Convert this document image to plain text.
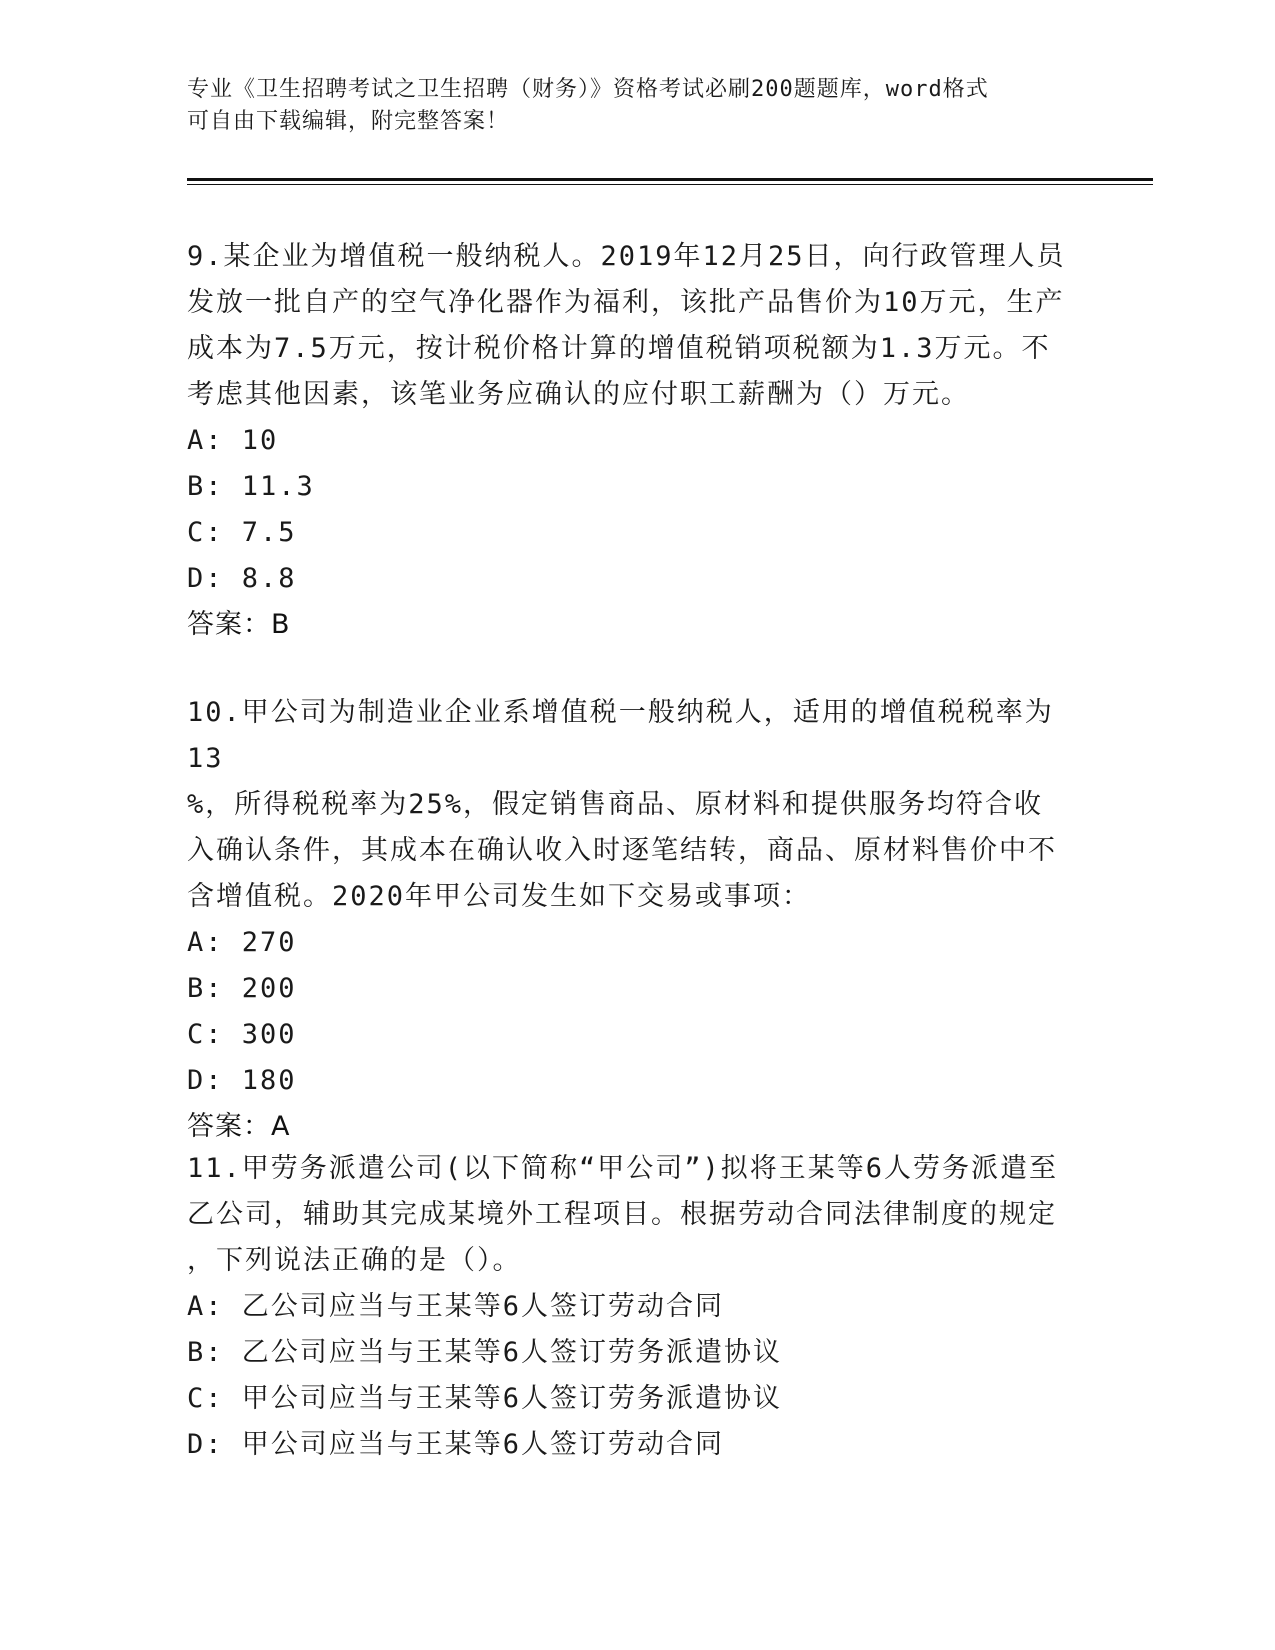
专业《卫生招聘考试之卫生招聘（财务）》资格考试必刷200题题库，word格式
可自由下载编辑，附完整答案！

9.某企业为增值税一般纳税人。2019年12月25日，向行政管理人员

发放一批自产的空气净化器作为福利，该批产品售价为10万元，生产

成本为7.5万元，按计税价格计算的增值税销项税额为1.3万元。不

考虑其他因素，该笔业务应确认的应付职工薪酬为（）万元。

A: 10

B: 11.3

C: 7.5

D: 8.8

答案：B

10.甲公司为制造业企业系增值税一般纳税人，适用的增值税税率为13

%，所得税税率为25%，假定销售商品、原材料和提供服务均符合收

入确认条件，其成本在确认收入时逐笔结转，商品、原材料售价中不

含增值税。2020年甲公司发生如下交易或事项：

A: 270

B: 200

C: 300

D: 180

答案：A

11.甲劳务派遣公司(以下简称“甲公司”)拟将王某等6人劳务派遣至

乙公司，辅助其完成某境外工程项目。根据劳动合同法律制度的规定

，下列说法正确的是（）。

A: 乙公司应当与王某等6人签订劳动合同

B: 乙公司应当与王某等6人签订劳务派遣协议

C: 甲公司应当与王某等6人签订劳务派遣协议

D: 甲公司应当与王某等6人签订劳动合同
